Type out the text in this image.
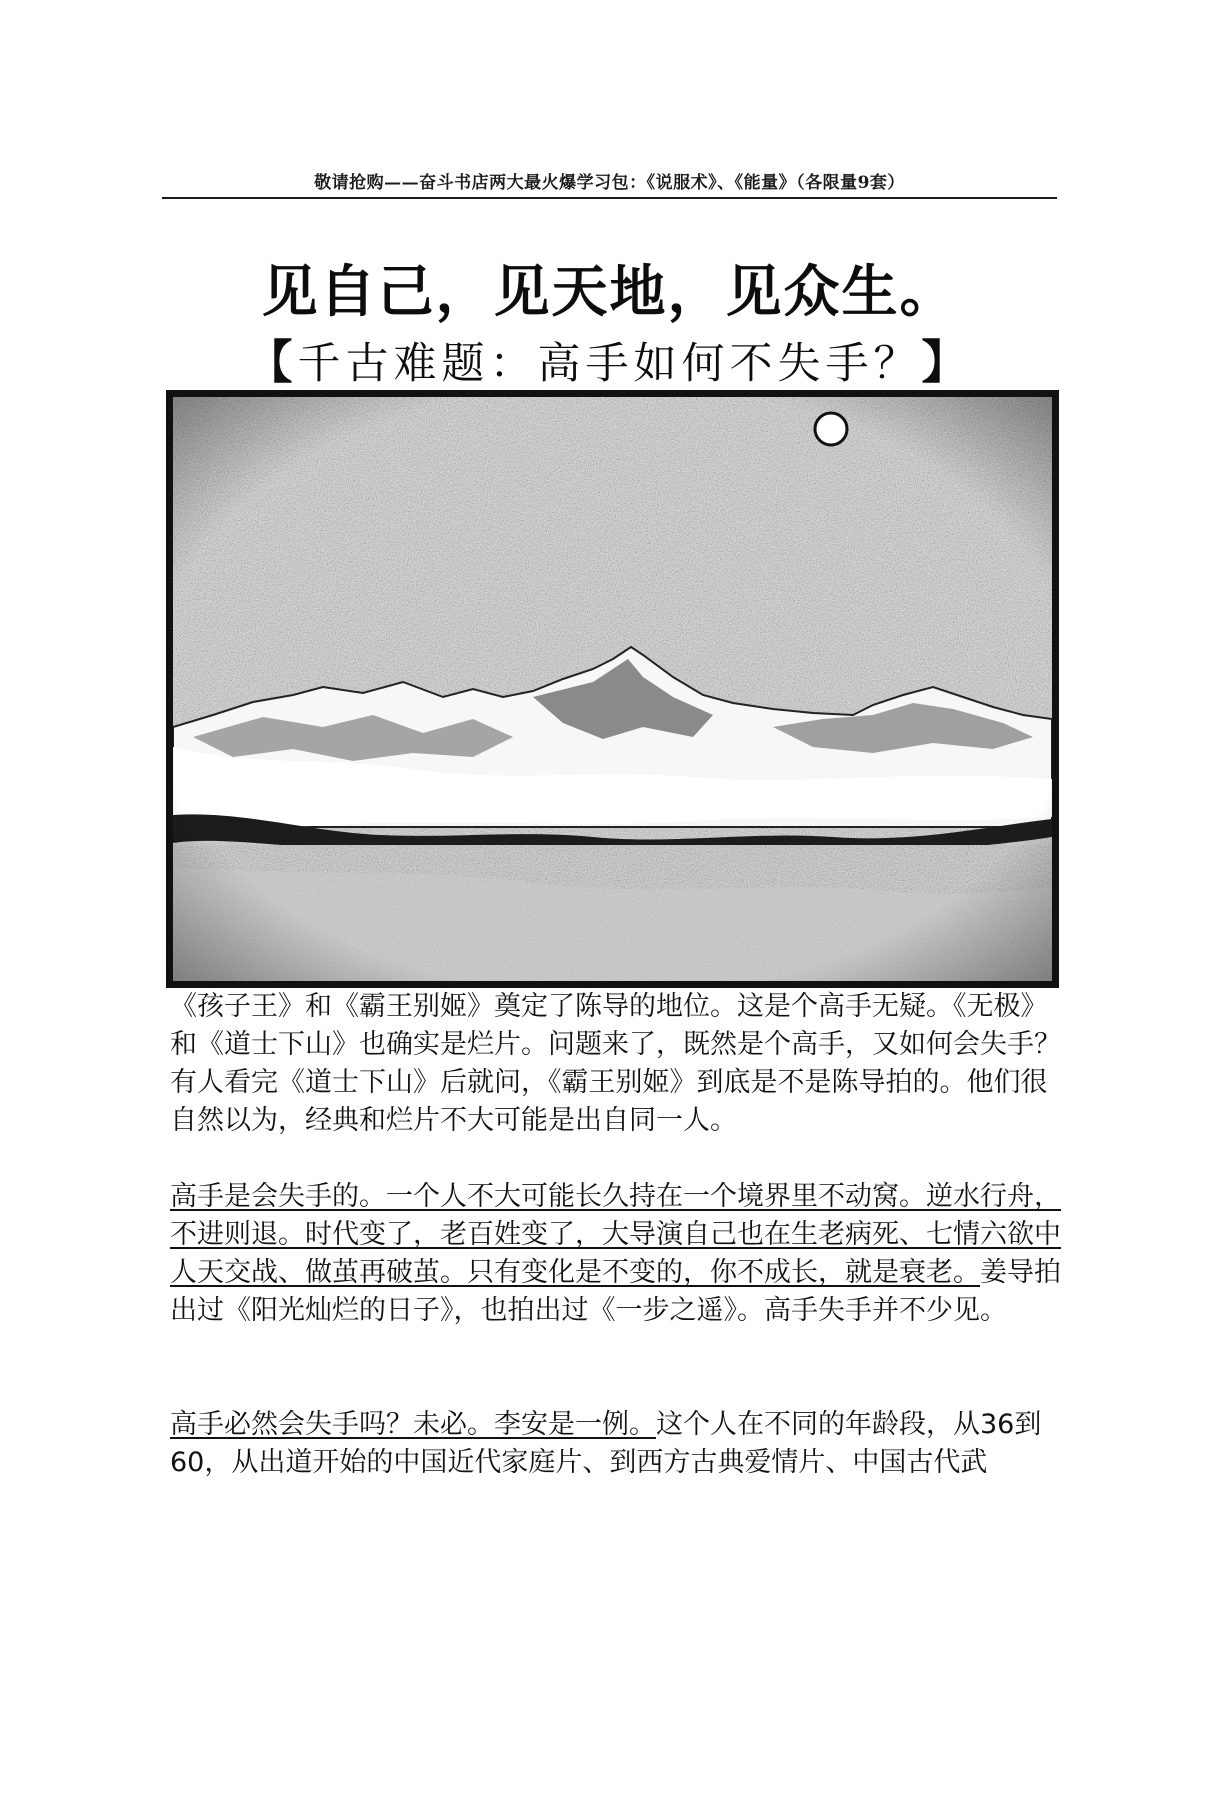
敬请抢购——奋斗书店两大最火爆学习包：《说服术》、《能量》（各限量9套）
见自己，见天地，见众生。
【千古难题：高手如何不失手？】
《孩子王》和《霸王别姬》奠定了陈导的地位。这是个高手无疑。《无极》和《道士下山》也确实是烂片。问题来了，既然是个高手，又如何会失手？有人看完《道士下山》后就问，《霸王别姬》到底是不是陈导拍的。他们很自然以为，经典和烂片不大可能是出自同一人。
高手是会失手的。一个人不大可能长久持在一个境界里不动窝。逆水行舟，不进则退。时代变了，老百姓变了，大导演自己也在生老病死、七情六欲中人天交战、做茧再破茧。只有变化是不变的，你不成长，就是衰老。姜导拍出过《阳光灿烂的日子》，也拍出过《一步之遥》。高手失手并不少见。
高手必然会失手吗？未必。李安是一例。这个人在不同的年龄段，从36到60，从出道开始的中国近代家庭片、到西方古典爱情片、中国古代武
